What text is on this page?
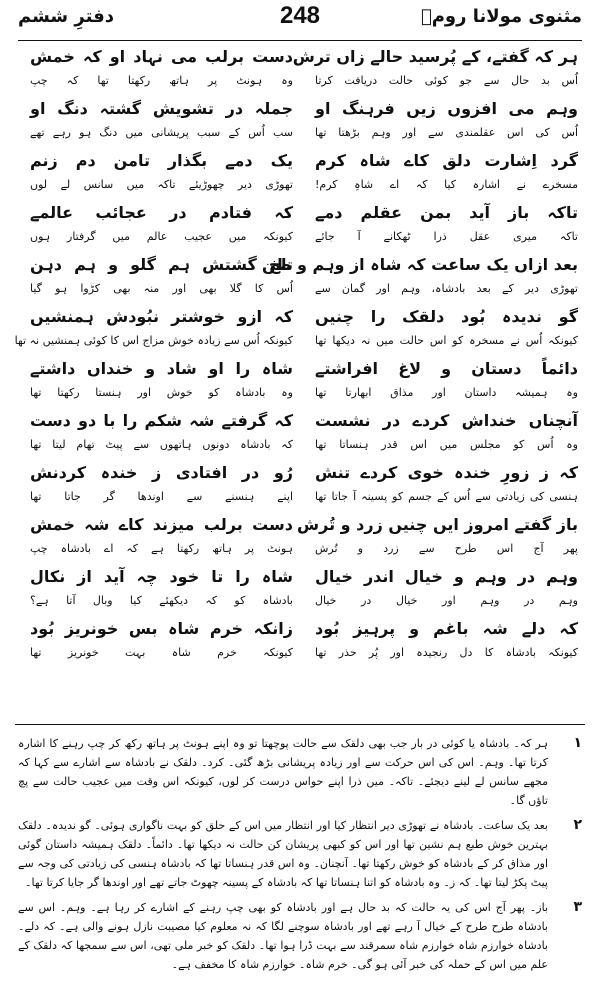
مثنوی مولانا رومؒ
248
دفترِ ششم
ہر کہ گفتے، کے پُرسید حالے زاں ترش
اُس بد حال سے جو کوئی حالت دریافت کرتا
وہم می افزوں زیں فرہنگ او
اُس کی اس عقلمندی سے اور وہم بڑھتا تھا
گرد اِشارت دلق کاے شاہ کرم
مسخرے نے اشارہ کیا کہ اے شاہِ کرم!
تاکہ باز آید بمن عقلم دمے
تاکہ میری عقل ذرا ٹھکانے آ جائے
بعد ازاں یک ساعت کہ شاہ از وہم و ظن
تھوڑی دیر کے بعد بادشاہ، وہم اور گمان سے
گو ندیدہ بُود دلقک را چنیں
کیونکہ اُس نے مسخرہ کو اس حالت میں نہ دیکھا تھا
دائماً دستان و لاغ افراشتے
وہ ہمیشہ داستان اور مذاق ابھارتا تھا
آنچناں خنداش کردے در نشست
وہ اُس کو مجلس میں اس قدر ہنساتا تھا
کہ ز زورِ خندہ خوی کردے تنش
ہنسی کی زیادتی سے اُس کے جسم کو پسینہ آ جاتا تھا
باز گفتے امروز ایں چنیں زرد و تُرش
پھر آج اس طرح سے زرد و تُرش
وہم در وہم و خیال اندر خیال
وہم در وہم اور خیال در خیال
کہ دلے شہ باغم و پرہیز بُود
کیونکہ بادشاہ کا دل رنجیدہ اور پُر حذر تھا
دست برلب می نہاد او کہ خمش
وہ ہونٹ پر ہاتھ رکھتا تھا کہ چپ
جملہ در تشویش گشتہ دنگ او
سب اُس کے سبب پریشانی میں دنگ ہو رہے تھے
یک دمے بگذار تامن دم زنم
تھوڑی دیر چھوڑیئے تاکہ میں سانس لے لوں
کہ فتادم در عجائب عالمے
کیونکہ میں عجیب عالم میں گرفتار ہوں
تلخ گشتش ہم گلو و ہم دہن
اُس کا گلا بھی اور منہ بھی کڑوا ہو گیا
کہ ازو خوشتر نبُودش ہمنشیں
کیونکہ اُس سے زیادہ خوش مزاج اس کا کوئی ہمنشیں نہ تھا
شاہ را او شاد و خنداں داشتے
وہ بادشاہ کو خوش اور ہنستا رکھتا تھا
کہ گرفتے شہ شکم را با دو دست
کہ بادشاہ دونوں ہاتھوں سے پیٹ تھام لیتا تھا
رُو در افتادی ز خندہ کردنش
اپنے ہنسنے سے اوندھا گر جاتا تھا
دست برلب میزند کاے شہ خمش
ہونٹ پر ہاتھ رکھتا ہے کہ اے بادشاہ چپ
شاہ را تا خود چہ آید از نکال
بادشاہ کو کہ دیکھئے کیا وبال آتا ہے؟
زانکہ خرم شاہ بس خونریز بُود
کیونکہ خرم شاہ بہت خونریز تھا
۱
ہر کہ۔ بادشاہ یا کوئی در بار جب بھی دلقک سے حالت پوچھتا تو وہ اپنے ہونٹ پر ہاتھ رکھ کر چپ رہنے کا اشارہ کرتا تھا۔ وہم۔ اس کی اس حرکت سے اور زیادہ پریشانی بڑھ گئی۔ کرد۔ دلقک نے بادشاہ سے اشارے سے کہا کہ مجھے سانس لے لینے دیجئے۔ تاکہ۔ میں ذرا اپنے حواس درست کر لوں، کیونکہ اس وقت میں عجیب حالت سے پچ تاؤں گا۔
۲
بعد یک ساعت۔ بادشاہ نے تھوڑی دیر انتظار کیا اور انتظار میں اس کے حلق کو بہت ناگواری ہوئی۔ گو ندیدہ۔ دلقک بہترین خوش طبع ہم نشین تھا اور اس کو کبھی پریشان کن حالت نہ دیکھا تھا۔ دائماً۔ دلقک ہمیشہ داستان گوئی اور مذاق کر کے بادشاہ کو خوش رکھتا تھا۔ آنچنان۔ وہ اس قدر ہنساتا تھا کہ بادشاہ ہنسی کی زیادتی کی وجہ سے پیٹ پکڑ لیتا تھا۔ کہ ز۔ وہ بادشاہ کو اتنا ہنساتا تھا کہ بادشاہ کے پسینہ چھوٹ جاتے تھے اور اوندھا گر جایا کرتا تھا۔
۳
باز۔ پھر آج اس کی یہ حالت کہ بد حال ہے اور بادشاہ کو بھی چپ رہنے کے اشارے کر رہا ہے۔ وہم۔ اس سے بادشاہ طرح طرح کے خیال آ رہے تھے اور بادشاہ سوچنے لگا کہ نہ معلوم کیا مصیبت نازل ہونے والی ہے۔ کہ دلے۔ بادشاہ خوارزم شاہ خوارزم شاہ سمرقند سے بہت ڈرا ہوا تھا۔ دلقک کو خبر ملی تھی، اس سے سمجھا کہ دلقک کے علم میں اس کے حملہ کی خبر آئی ہو گی۔ خرم شاہ۔ خوارزم شاہ کا مخفف ہے۔
